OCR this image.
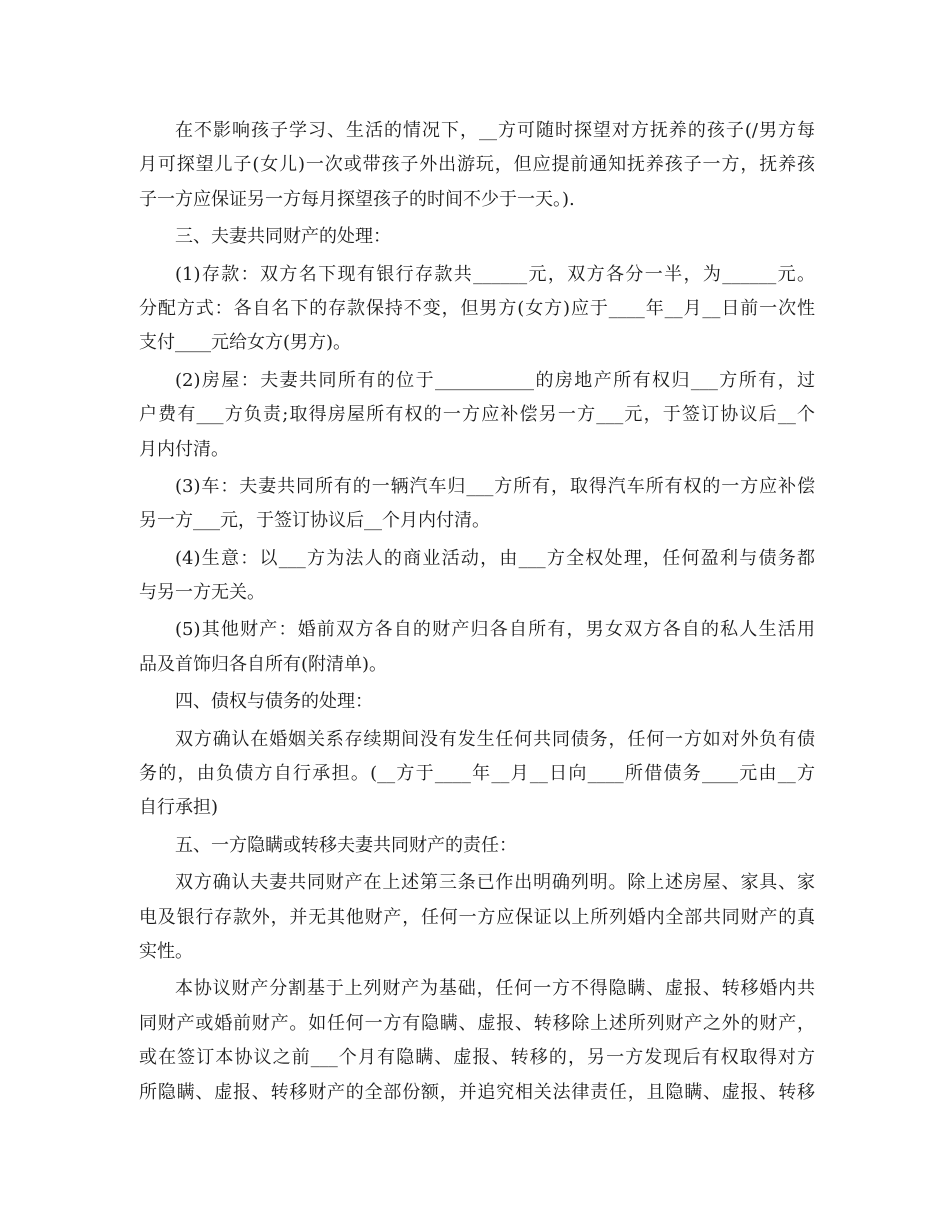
在不影响孩子学习、生活的情况下，__方可随时探望对方抚养的孩子(/男方每
月可探望儿子(女儿)一次或带孩子外出游玩，但应提前通知抚养孩子一方，抚养孩
子一方应保证另一方每月探望孩子的时间不少于一天。).
三、夫妻共同财产的处理：
(1)存款：双方名下现有银行存款共______元，双方各分一半，为______元。
分配方式：各自名下的存款保持不变，但男方(女方)应于____年__月__日前一次性
支付____元给女方(男方)。
(2)房屋：夫妻共同所有的位于___________的房地产所有权归___方所有，过
户费有___方负责;取得房屋所有权的一方应补偿另一方___元，于签订协议后__个
月内付清。
(3)车：夫妻共同所有的一辆汽车归___方所有，取得汽车所有权的一方应补偿
另一方___元，于签订协议后__个月内付清。
(4)生意：以___方为法人的商业活动，由___方全权处理，任何盈利与债务都
与另一方无关。
(5)其他财产：婚前双方各自的财产归各自所有，男女双方各自的私人生活用
品及首饰归各自所有(附清单)。
四、债权与债务的处理：
双方确认在婚姻关系存续期间没有发生任何共同债务，任何一方如对外负有债
务的，由负债方自行承担。(__方于____年__月__日向____所借债务____元由__方
自行承担)
五、一方隐瞒或转移夫妻共同财产的责任：
双方确认夫妻共同财产在上述第三条已作出明确列明。除上述房屋、家具、家
电及银行存款外，并无其他财产，任何一方应保证以上所列婚内全部共同财产的真
实性。
本协议财产分割基于上列财产为基础，任何一方不得隐瞒、虚报、转移婚内共
同财产或婚前财产。如任何一方有隐瞒、虚报、转移除上述所列财产之外的财产，
或在签订本协议之前___个月有隐瞒、虚报、转移的，另一方发现后有权取得对方
所隐瞒、虚报、转移财产的全部份额，并追究相关法律责任，且隐瞒、虚报、转移
